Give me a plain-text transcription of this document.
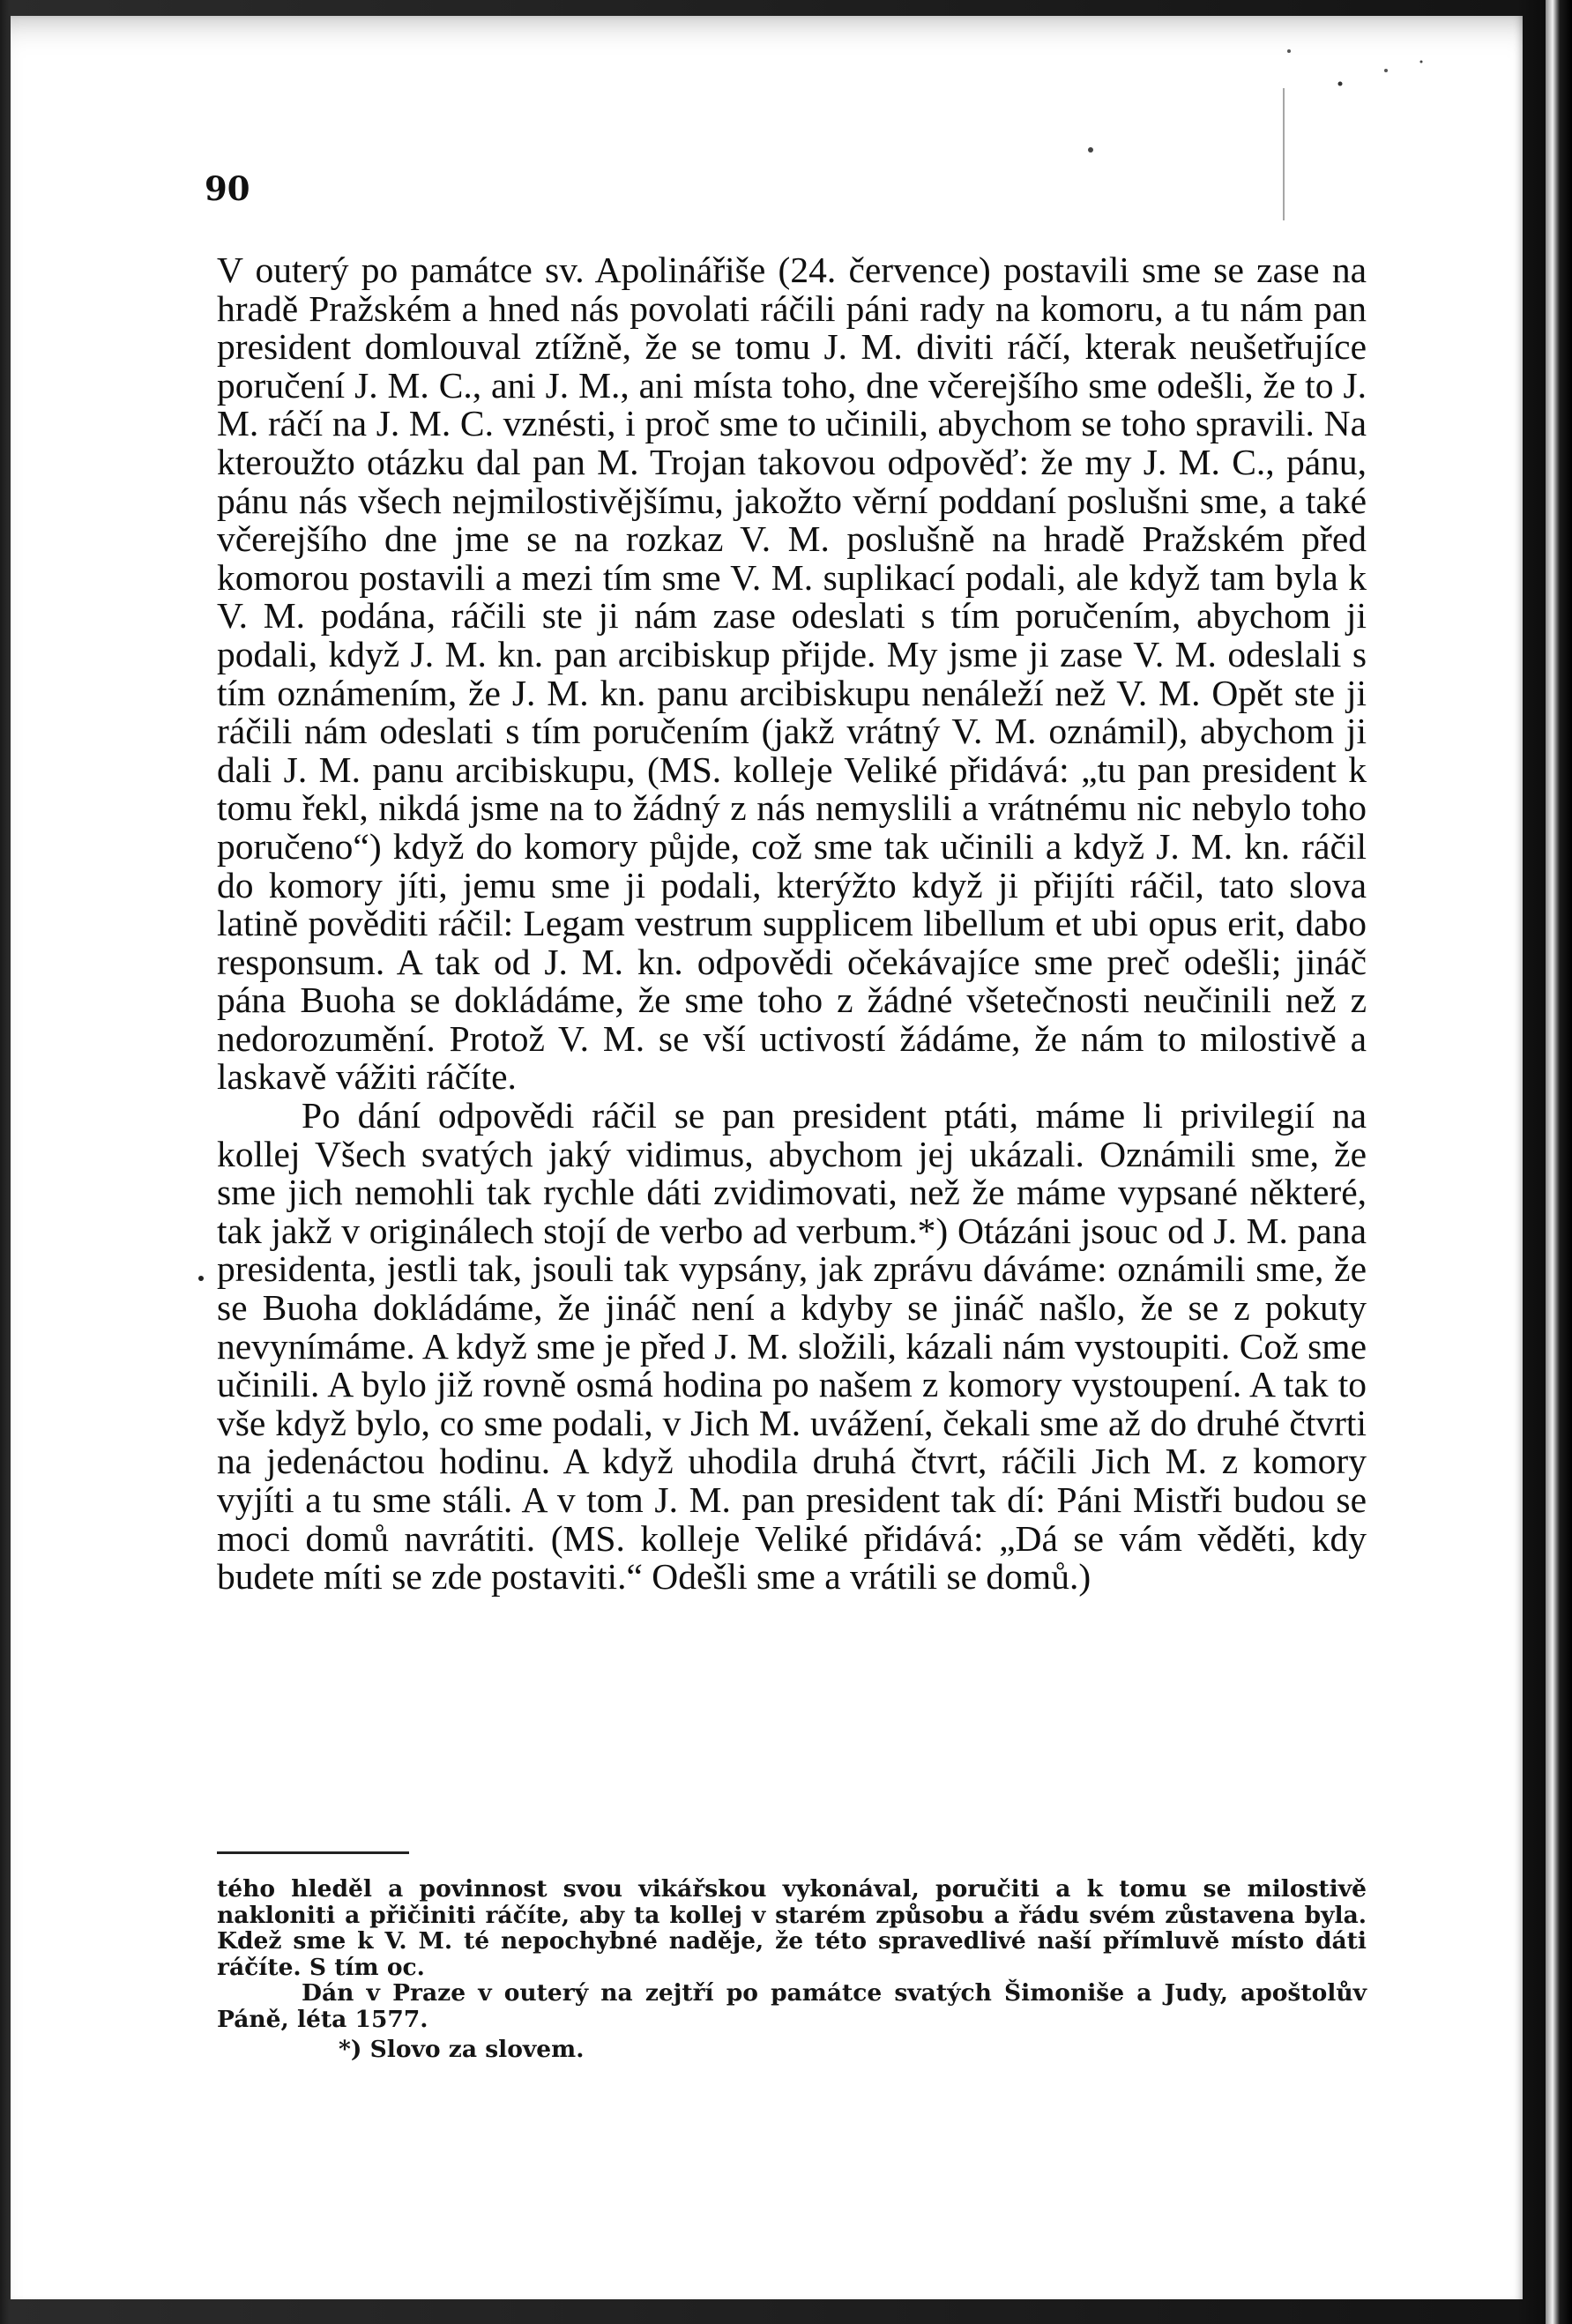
90

V outerý po památce sv. Apolinářiše (24. července) postavili sme se zase na hradě Pražském a hned nás povolati ráčili páni rady na komoru, a tu nám pan president domlouval ztížně, že se tomu J. M. diviti ráčí, kterak neušetřujíce poručení J. M. C., ani J. M., ani místa toho, dne včerejšího sme odešli, že to J. M. ráčí na J. M. C. vznésti, i proč sme to učinili, abychom se toho spravili. Na kteroužto otázku dal pan M. Trojan takovou odpověď: že my J. M. C., pánu, pánu nás všech nejmilostivějšímu, jakožto věrní poddaní poslušni sme, a také včerejšího dne jme se na rozkaz V. M. poslušně na hradě Pražském před komorou postavili a mezi tím sme V. M. suplikací podali, ale když tam byla k V. M. podána, ráčili ste ji nám zase odeslati s tím poručením, abychom ji podali, když J. M. kn. pan arcibiskup přijde. My jsme ji zase V. M. odeslali s tím oznámením, že J. M. kn. panu arcibiskupu nenáleží než V. M. Opět ste ji ráčili nám odeslati s tím poručením (jakž vrátný V. M. oznámil), abychom ji dali J. M. panu arcibiskupu, (MS. kolleje Veliké přidává: „tu pan president k tomu řekl, nikdá jsme na to žádný z nás nemyslili a vrátnému nic nebylo toho poručeno“) když do komory půjde, což sme tak učinili a když J. M. kn. ráčil do komory jíti, jemu sme ji podali, kterýžto když ji přijíti ráčil, tato slova latině pověditi ráčil: Legam vestrum supplicem libellum et ubi opus erit, dabo responsum. A tak od J. M. kn. odpovědi očekávajíce sme preč odešli; jináč pána Buoha se dokládáme, že sme toho z žádné všetečnosti neučinili než z nedorozumění. Protož V. M. se vší uctivostí žádáme, že nám to milostivě a laskavě vážiti ráčíte.

Po dání odpovědi ráčil se pan president ptáti, máme li privilegií na kollej Všech svatých jaký vidimus, abychom jej ukázali. Oznámili sme, že sme jich nemohli tak rychle dáti zvidimovati, než že máme vypsané některé, tak jakž v originálech stojí de verbo ad verbum.*) Otázáni jsouc od J. M. pana presidenta, jestli tak, jsouli tak vypsány, jak zprávu dáváme: oznámili sme, že se Buoha dokládáme, že jináč není a kdyby se jináč našlo, že se z pokuty nevynímáme. A když sme je před J. M. složili, kázali nám vystoupiti. Což sme učinili. A bylo již rovně osmá hodina po našem z komory vystoupení. A tak to vše když bylo, co sme podali, v Jich M. uvážení, čekali sme až do druhé čtvrti na jedenáctou hodinu. A když uhodila druhá čtvrt, ráčili Jich M. z komory vyjíti a tu sme stáli. A v tom J. M. pan president tak dí: Páni Mistři budou se moci domů navrátiti. (MS. kolleje Veliké přidává: „Dá se vám věděti, kdy budete míti se zde postaviti.“ Odešli sme a vrátili se domů.)

tého hleděl a povinnost svou vikářskou vykonával, poručiti a k tomu se milostivě nakloniti a přičiniti ráčíte, aby ta kollej v starém způsobu a řádu svém zůstavena byla. Kdež sme k V. M. té nepochybné naděje, že této spravedlivé naší přímluvě místo dáti ráčíte. S tím oc.

Dán v Praze v outerý na zejtří po památce svatých Šimoniše a Judy, apoštolův Páně, léta 1577.

*) Slovo za slovem.
